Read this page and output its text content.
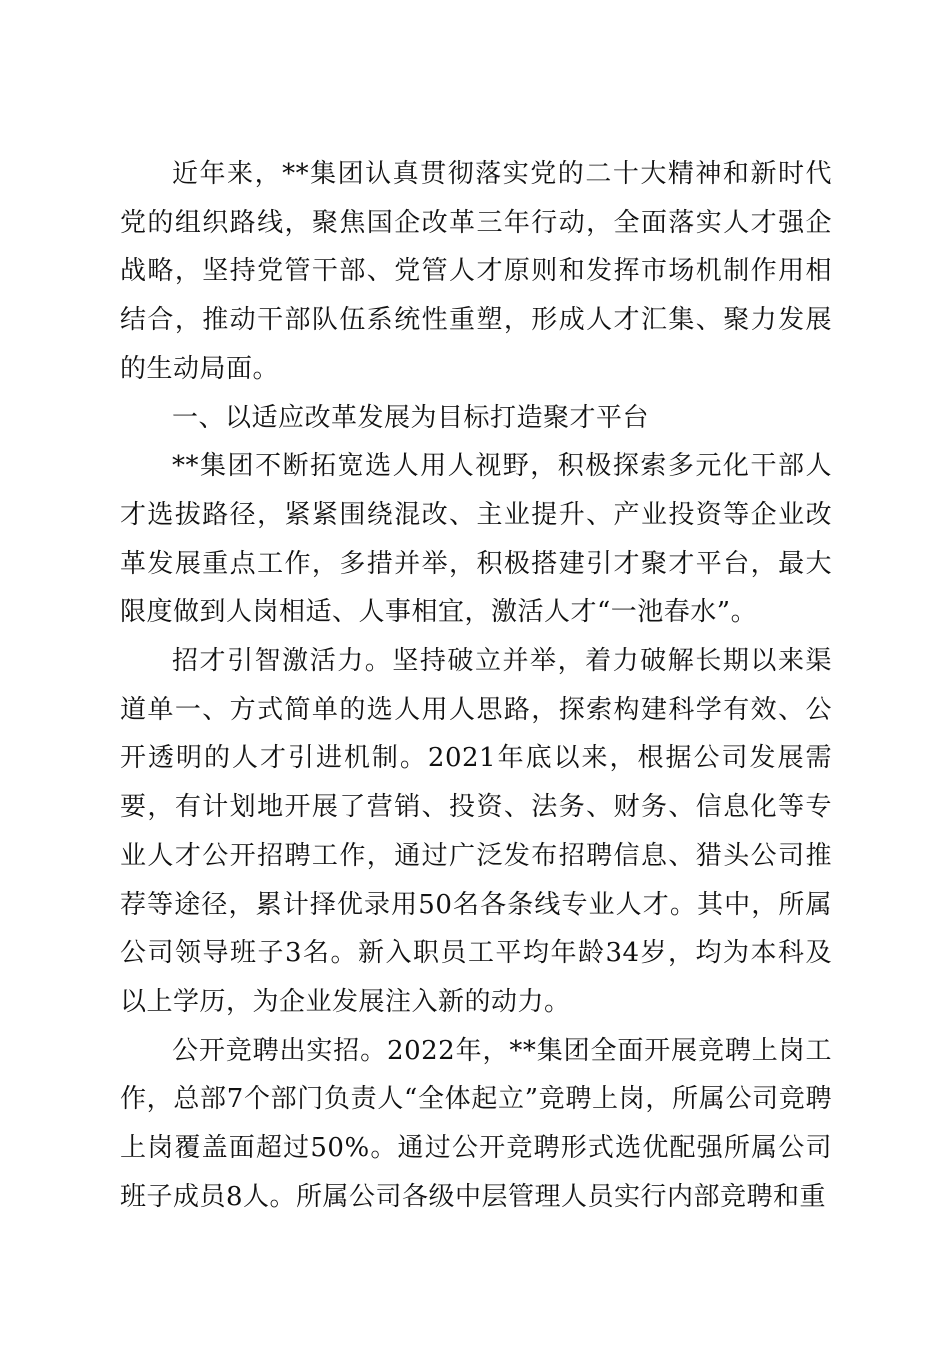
近年来，**集团认真贯彻落实党的二十大精神和新时代党的组织路线，聚焦国企改革三年行动，全面落实人才强企战略，坚持党管干部、党管人才原则和发挥市场机制作用相结合，推动干部队伍系统性重塑，形成人才汇集、聚力发展的生动局面。

一、以适应改革发展为目标打造聚才平台

**集团不断拓宽选人用人视野，积极探索多元化干部人才选拔路径，紧紧围绕混改、主业提升、产业投资等企业改革发展重点工作，多措并举，积极搭建引才聚才平台，最大限度做到人岗相适、人事相宜，激活人才“一池春水”。

招才引智激活力。坚持破立并举，着力破解长期以来渠道单一、方式简单的选人用人思路，探索构建科学有效、公开透明的人才引进机制。2021年底以来，根据公司发展需要，有计划地开展了营销、投资、法务、财务、信息化等专业人才公开招聘工作，通过广泛发布招聘信息、猎头公司推荐等途径，累计择优录用50名各条线专业人才。其中，所属公司领导班子3名。新入职员工平均年龄34岁，均为本科及以上学历，为企业发展注入新的动力。

公开竞聘出实招。2022年，**集团全面开展竞聘上岗工作，总部7个部门负责人“全体起立”竞聘上岗，所属公司竞聘上岗覆盖面超过50%。通过公开竞聘形式选优配强所属公司班子成员8人。所属公司各级中层管理人员实行内部竞聘和重
